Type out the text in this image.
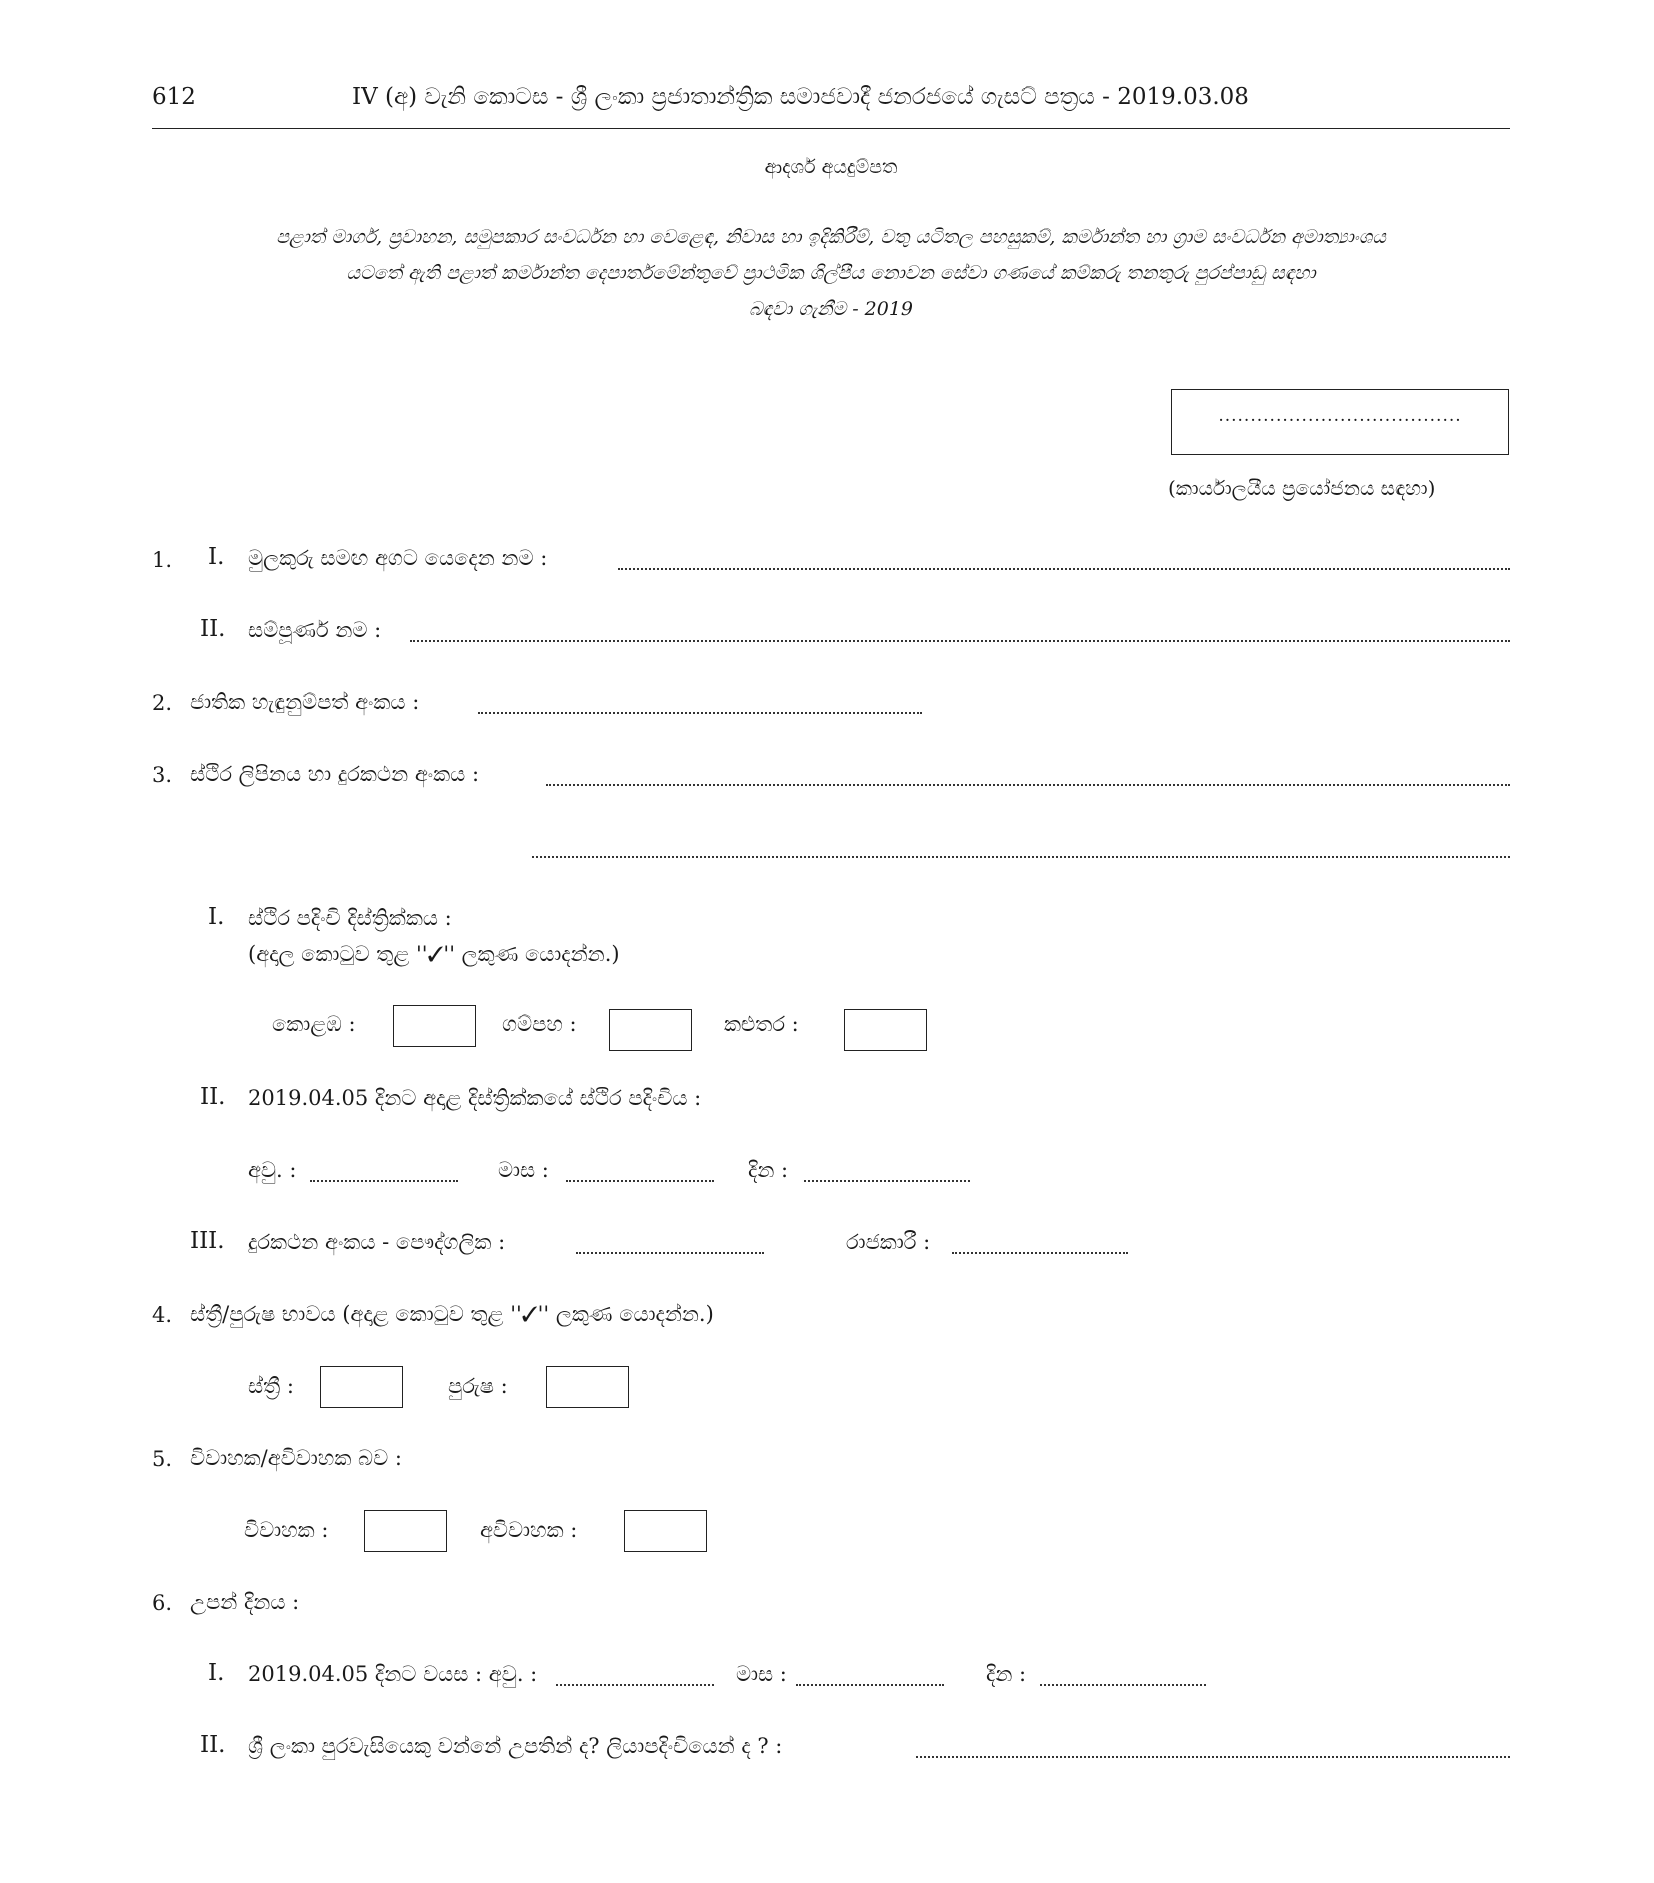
612	IV (අ) වැනි කොටස - ශ්‍රී ලංකා ප්‍රජාතාන්ත්‍රික සමාජවාදී ජනරජයේ ගැසට් පත්‍රය - 2019.03.08
ආදර්ශ අයදුම්පත
පළාත් මාර්ග, ප්‍රවාහන, සමුපකාර සංවර්ධන හා වෙළෙඳ, නිවාස හා ඉදිකිරීම්, වතු යටිතල පහසුකම්, කර්මාන්ත හා ග්‍රාම සංවර්ධන අමාත්‍යාංශය
යටතේ ඇති පළාත් කර්මාන්ත දෙපාර්තමේන්තුවේ ප්‍රාථමික ශිල්පීය නොවන සේවා ගණයේ කම්කරු තනතුරු පුරප්පාඩු සඳහා
බඳවා ගැනීම - 2019
......................................
(කාර්යාලයීය ප්‍රයෝජනය සඳහා)
1. I. මුලකුරු සමඟ අගට යෙදෙන නම :
II. සම්පූර්ණ නම :
2. ජාතික හැඳුනුම්පත් අංකය :
3. ස්ථිර ලිපිනය හා දුරකථන අංකය :
I. ස්ථිර පදිංචි දිස්ත්‍රික්කය :
(අදාල කොටුව තුළ ''✓'' ලකුණ යොදන්න.)
කොළඹ :	ගම්පහ :	කළුතර :
II. 2019.04.05 දිනට අදාළ දිස්ත්‍රික්කයේ ස්ථිර පදිංචිය :
අවු. :	මාස :	දින :
III. දුරකථන අංකය - පෞද්ගලික :	රාජකාරී :
4. ස්ත්‍රී/පුරුෂ භාවය (අදාළ කොටුව තුළ ''✓'' ලකුණ යොදන්න.)
ස්ත්‍රී :	පුරුෂ :
5. විවාහක/අවිවාහක බව :
විවාහක :	අවිවාහක :
6. උපන් දිනය :
I. 2019.04.05 දිනට වයස : අවු. :	මාස :	දින :
II. ශ්‍රී ලංකා පුරවැසියෙකු වන්නේ උපතින් ද? ලියාපදිංචියෙන් ද ? :
